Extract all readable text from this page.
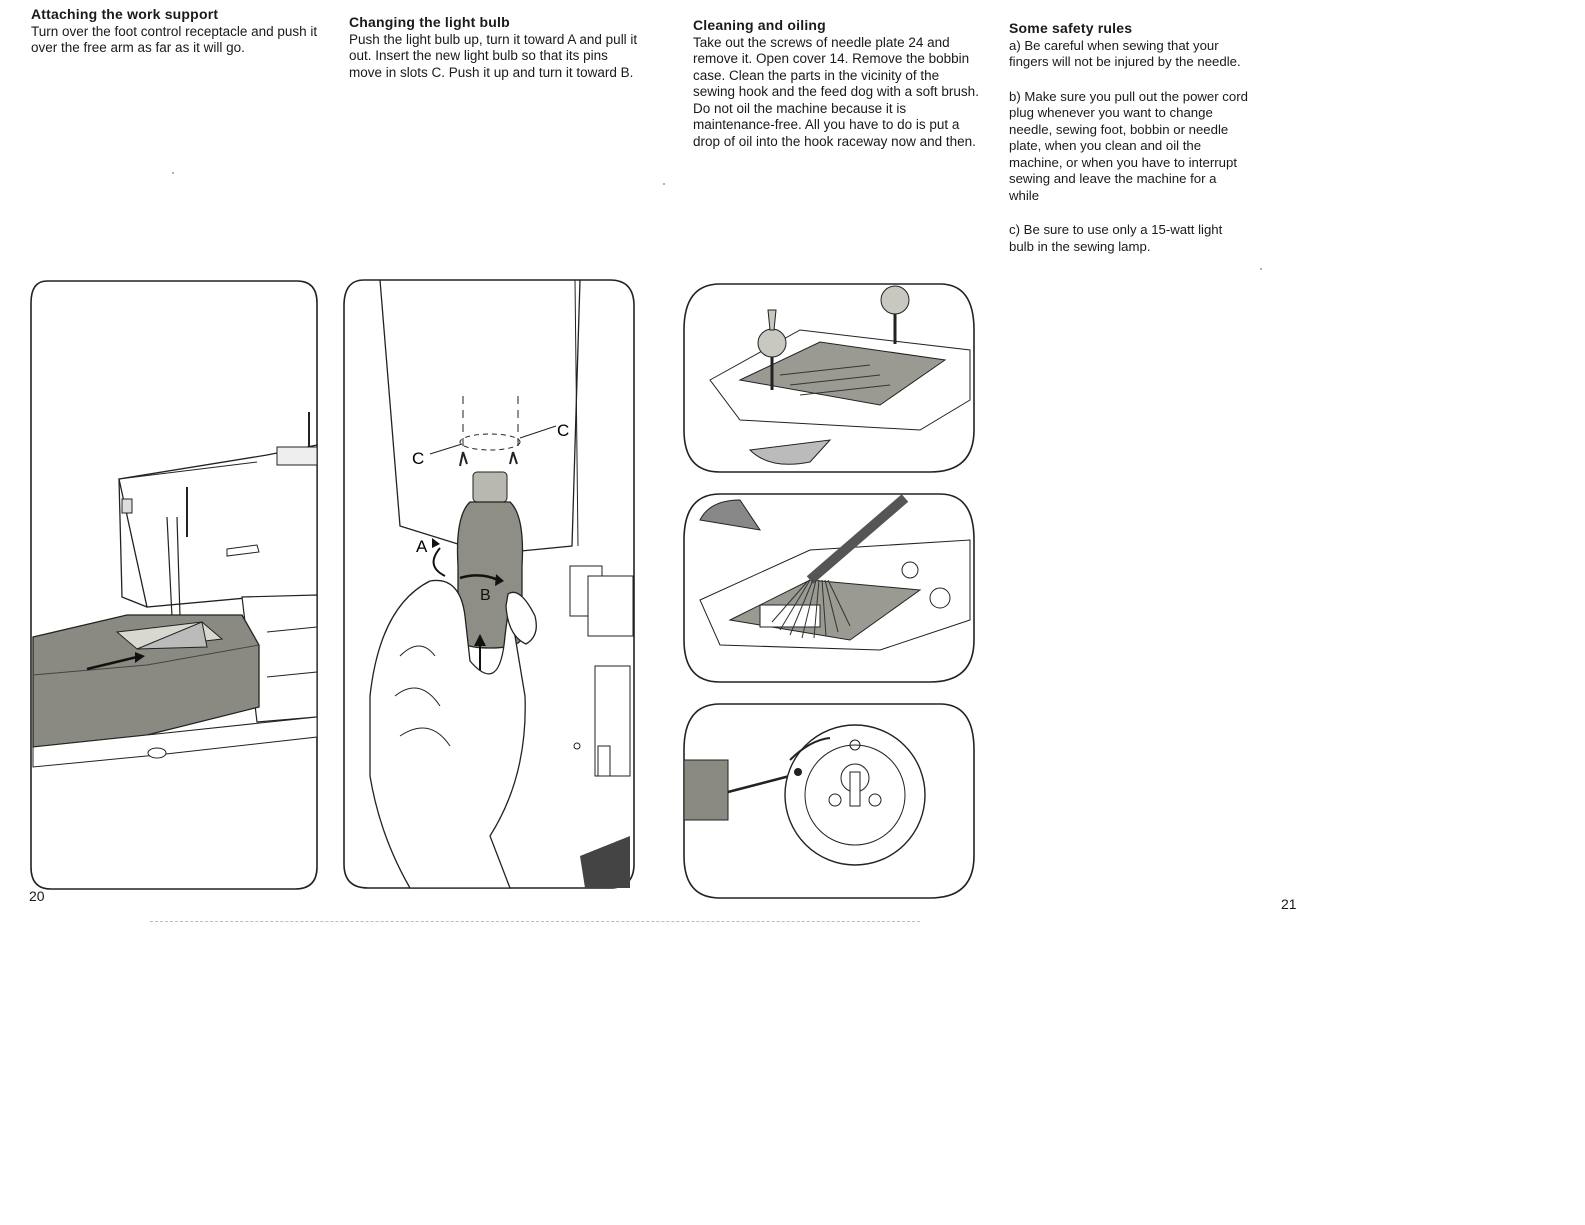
Attaching the work support

Turn over the foot control receptacle and push it over the free arm as far as it will go.

Changing the light bulb

Push the light bulb up, turn it toward A and pull it out. Insert the new light bulb so that its pins move in slots C. Push it up and turn it toward B.

Cleaning and oiling

Take out the screws of needle plate 24 and remove it. Open cover 14. Remove the bobbin case. Clean the parts in the vicinity of the sewing hook and the feed dog with a soft brush.

Do not oil the machine because it is maintenance-free. All you have to do is put a drop of oil into the hook raceway now and then.

Some safety rules

a) Be careful when sewing that your fingers will not be injured by the needle.

b) Make sure you pull out the power cord plug whenever you want to change needle, sewing foot, bobbin or needle plate, when you clean and oil the machine, or when you have to interrupt sewing and leave the machine for a while

c) Be sure to use only a 15-watt light bulb in the sewing lamp.

C
C
B
A
20	21
